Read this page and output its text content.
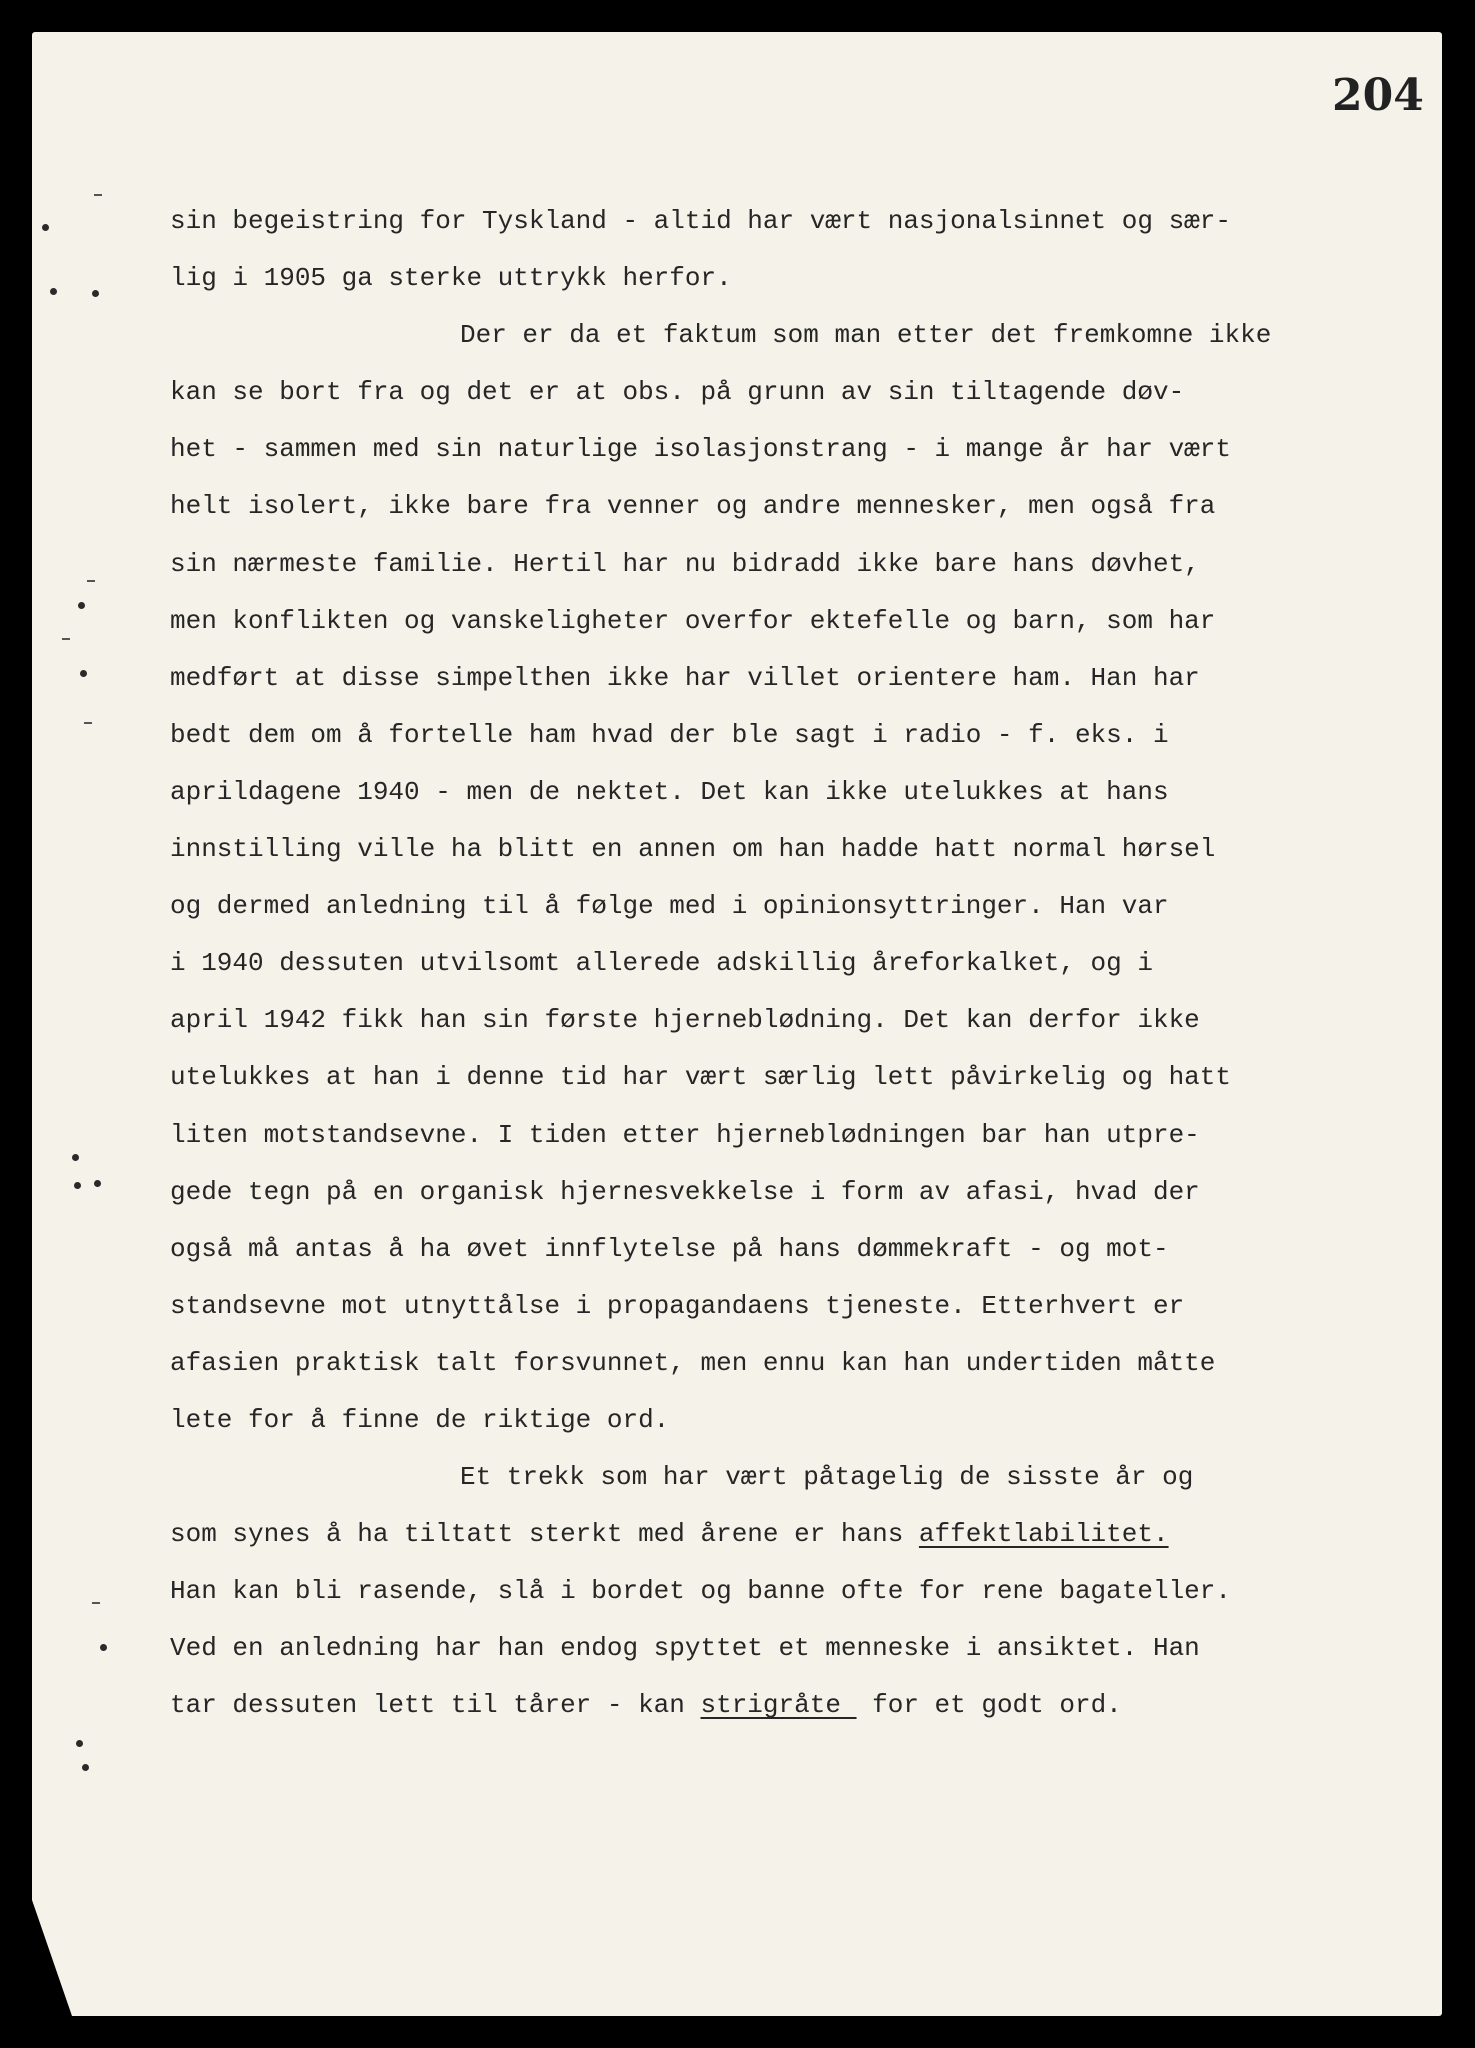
204
sin begeistring for Tyskland - altid har vært nasjonalsinnet og sær-
lig i 1905 ga sterke uttrykk herfor.
Der er da et faktum som man etter det fremkomne ikke
kan se bort fra og det er at obs. på grunn av sin tiltagende døv-
het - sammen med sin naturlige isolasjonstrang - i mange år har vært
helt isolert, ikke bare fra venner og andre mennesker, men også fra
sin nærmeste familie. Hertil har nu bidradd ikke bare hans døvhet,
men konflikten og vanskeligheter overfor ektefelle og barn, som har
medført at disse simpelthen ikke har villet orientere ham. Han har
bedt dem om å fortelle ham hvad der ble sagt i radio - f. eks. i
aprildagene 1940 - men de nektet. Det kan ikke utelukkes at hans
innstilling ville ha blitt en annen om han hadde hatt normal hørsel
og dermed anledning til å følge med i opinionsyttringer. Han var
i 1940 dessuten utvilsomt allerede adskillig åreforkalket, og i
april 1942 fikk han sin første hjerneblødning. Det kan derfor ikke
utelukkes at han i denne tid har vært særlig lett påvirkelig og hatt
liten motstandsevne. I tiden etter hjerneblødningen bar han utpre-
gede tegn på en organisk hjernesvekkelse i form av afasi, hvad der
også må antas å ha øvet innflytelse på hans dømmekraft - og mot-
standsevne mot utnyttålse i propagandaens tjeneste. Etterhvert er
afasien praktisk talt forsvunnet, men ennu kan han undertiden måtte
lete for å finne de riktige ord.
Et trekk som har vært påtagelig de sisste år og
som synes å ha tiltatt sterkt med årene er hans affektlabilitet.
Han kan bli rasende, slå i bordet og banne ofte for rene bagateller.
Ved en anledning har han endog spyttet et menneske i ansiktet. Han
tar dessuten lett til tårer - kan strigråte  for et godt ord.
